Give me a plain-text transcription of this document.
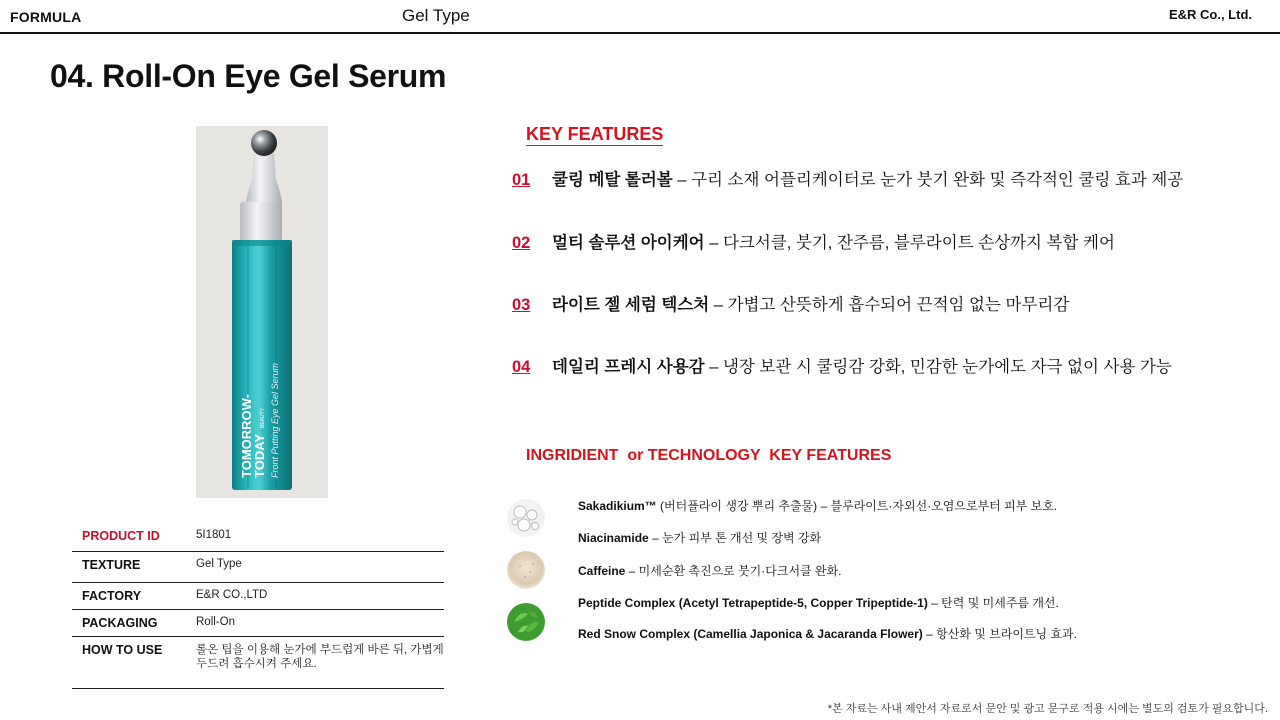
FORMULA	Gel Type	E&R Co., Ltd.
04. Roll-On Eye Gel Serum
TOMORROW-
TODAY
BEAUTY Front Putting Eye Gel Serum
PRODUCT ID	5I1801
TEXTURE	Gel Type
FACTORY	E&R CO.,LTD
PACKAGING	Roll-On
HOW TO USE	롤온 팁을 이용해 눈가에 부드럽게 바른 뒤, 가볍게 두드려 흡수시켜 주세요.
KEY FEATURES
01 쿨링 메탈 롤러볼 – 구리 소재 어플리케이터로 눈가 붓기 완화 및 즉각적인 쿨링 효과 제공
02 멀티 솔루션 아이케어 – 다크서클, 붓기, 잔주름, 블루라이트 손상까지 복합 케어
03 라이트 젤 세럼 텍스처 – 가볍고 산뜻하게 흡수되어 끈적임 없는 마무리감
04 데일리 프레시 사용감 – 냉장 보관 시 쿨링감 강화, 민감한 눈가에도 자극 없이 사용 가능
INGRIDIENT  or TECHNOLOGY  KEY FEATURES
Sakadikium™ (버터플라이 생강 뿌리 추출물) – 블루라이트·자외선·오염으로부터 피부 보호.
Niacinamide – 눈가 피부 톤 개선 및 장벽 강화
Caffeine – 미세순환 촉진으로 붓기·다크서클 완화.
Peptide Complex (Acetyl Tetrapeptide-5, Copper Tripeptide-1) – 탄력 및 미세주름 개선.
Red Snow Complex (Camellia Japonica & Jacaranda Flower) – 항산화 및 브라이트닝 효과.
*본 자료는 사내 제안서 자료로서 문안 및 광고 문구로 적용 시에는 별도의 검토가 필요합니다.
